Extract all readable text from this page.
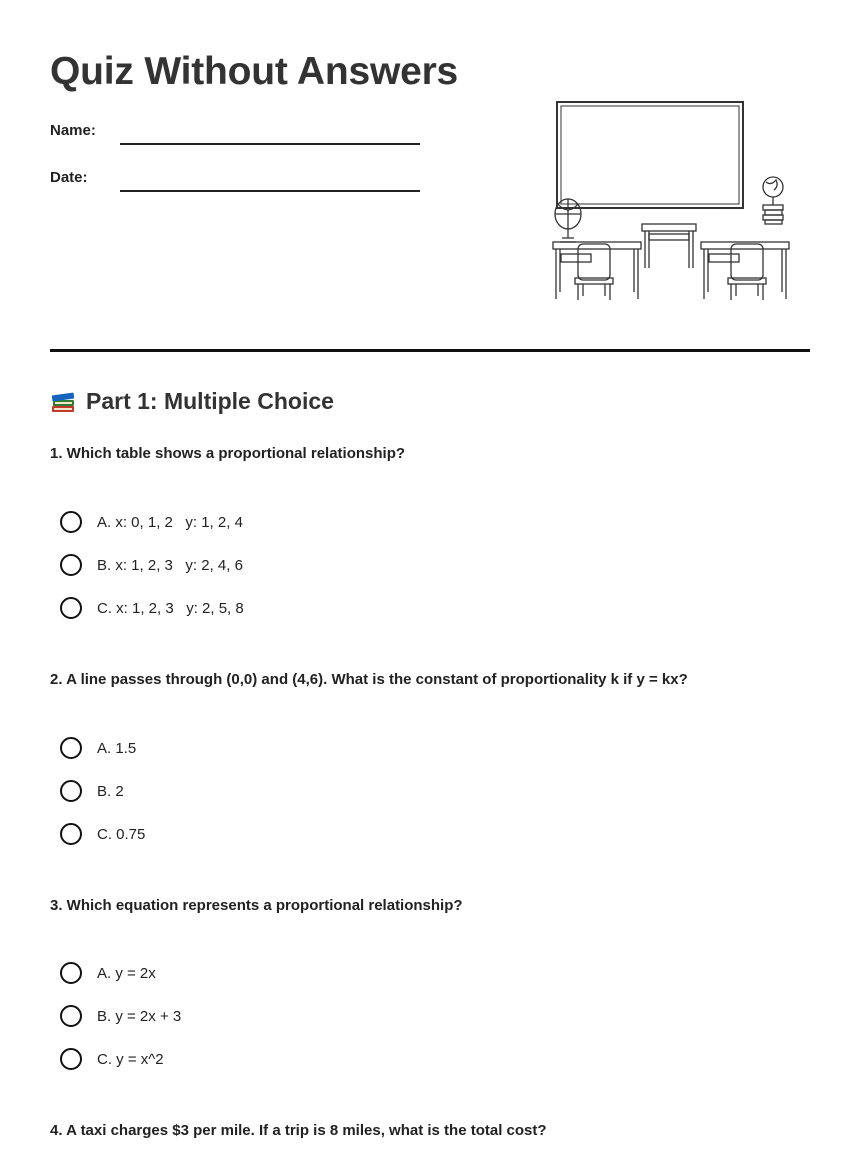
Quiz Without Answers
Name:
Date:
Part 1: Multiple Choice

1. Which table shows a proportional relationship?

A. x: 0, 1, 2   y: 1, 2, 4
B. x: 1, 2, 3   y: 2, 4, 6
C. x: 1, 2, 3   y: 2, 5, 8

2. A line passes through (0,0) and (4,6). What is the constant of proportionality k if y = kx?

A. 1.5
B. 2
C. 0.75

3. Which equation represents a proportional relationship?

A. y = 2x
B. y = 2x + 3
C. y = x^2

4. A taxi charges $3 per mile. If a trip is 8 miles, what is the total cost?
